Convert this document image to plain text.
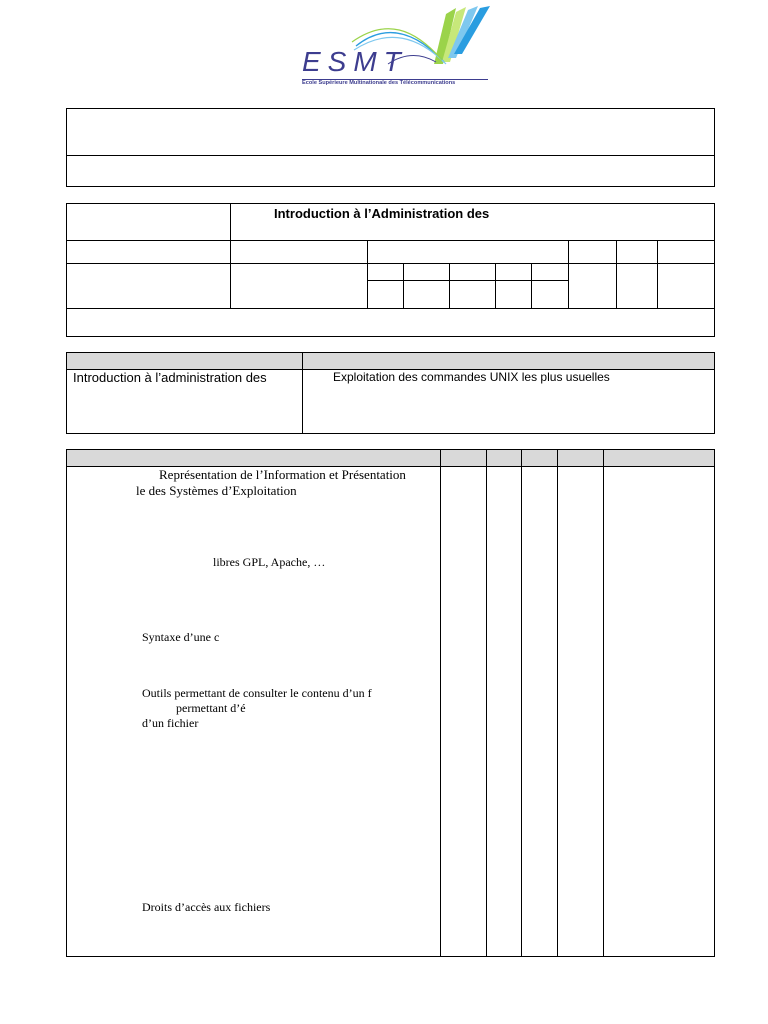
ESMT
École Supérieure Multinationale des Télécommunications
Introduction à l’Administration des
Introduction à l’administration des	Exploitation des commandes UNIX les plus usuelles
Représentation de l’Information et Présentation
le des Systèmes d’Exploitation
libres GPL, Apache, …
Syntaxe d’une c
Outils permettant de consulter le contenu d’un f
permettant d’é
d’un fichier
Droits d’accès aux fichiers
